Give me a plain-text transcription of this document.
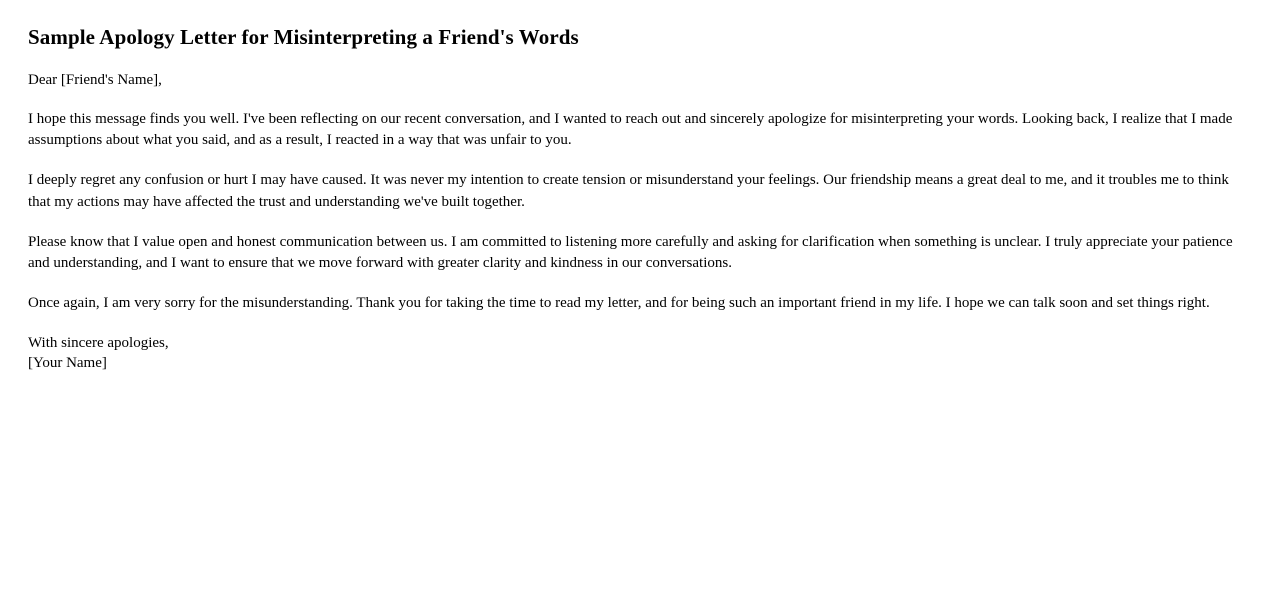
Sample Apology Letter for Misinterpreting a Friend's Words

Dear [Friend's Name],

I hope this message finds you well. I've been reflecting on our recent conversation, and I wanted to reach out and sincerely apologize for misinterpreting your words. Looking back, I realize that I made assumptions about what you said, and as a result, I reacted in a way that was unfair to you.

I deeply regret any confusion or hurt I may have caused. It was never my intention to create tension or misunderstand your feelings. Our friendship means a great deal to me, and it troubles me to think that my actions may have affected the trust and understanding we've built together.

Please know that I value open and honest communication between us. I am committed to listening more carefully and asking for clarification when something is unclear. I truly appreciate your patience and understanding, and I want to ensure that we move forward with greater clarity and kindness in our conversations.

Once again, I am very sorry for the misunderstanding. Thank you for taking the time to read my letter, and for being such an important friend in my life. I hope we can talk soon and set things right.

With sincere apologies,
[Your Name]
